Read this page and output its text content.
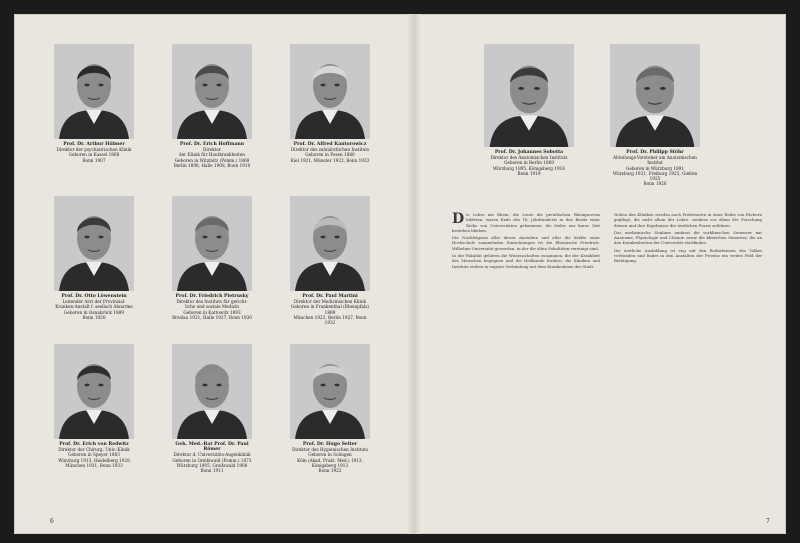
6	7
Prof. Dr. Arthur Hübner
Direktor der psychiatrischen Klinik
Geboren in Kassel 1868
Bonn 1907
Prof. Dr. Erich Hoffmann
Direktor
der Klinik für Hautkrankheiten
Geboren in Witzmitz (Pomm.) 1868
Berlin 1898, Halle 1908, Bonn 1910
Prof. Dr. Alfred Kantorowicz
Direktor des zahnärztlichen Instituts
Geboren in Posen 1880
Kiel 1921, Münster 1922, Bonn 1923
Prof. Dr. Otto Löwenstein
Leitender Arzt der Provinzial-
Kranken-Anstalt f. seelisch Abnorme
Geboren in Osnabrück 1889
Bonn 1920
Prof. Dr. Friedrich Pietrusky
Direktor des Instituts für gericht-
liche und soziale Medizin
Geboren in Kattowitz 1893
Breslau 1921, Halle 1927, Bonn 1930
Prof. Dr. Paul Martini
Direktor der Medizinischen Klinik
Geboren in Frankenthal (Rheinpfalz) 1889
München 1923, Berlin 1927, Bonn 1932
Prof. Dr. Erich von Redwitz
Direktor der Chirurg. Univ.-Klinik
Geboren in Speyer 1883
Würzburg 1913, Heidelberg 1928
München 1931, Bonn 1933
Geh. Med.-Rat Prof. Dr. Paul Römer
Direktor d. Universitäts-Augenklinik
Geboren in Greifswald (Pomm.) 1873
Würzburg 1905, Greifswald 1908
Bonn 1911
Prof. Dr. Hugo Selter
Direktor des Hygienischen Instituts
Geboren in Solingen
Köln (Akad. Prakt. Med.) 1913, Königsberg 1913
Bonn 1922
Prof. Dr. Johannes Sobotta
Direktor des Anatomischen Instituts
Geboren in Berlin 1869
Würzburg 1895, Königsberg 1916
Bonn 1919
Prof. Dr. Philipp Stöhr
Abteilungs-Vorsteher am Anatomischen
Institut
Geboren in Würzburg 1891
Würzburg 1921, Freiburg 1925, Gießen 1925
Bonn 1926

Die Lehre am Rhein, die Leute die preußischen Rheinprovinz bildeten, waren Ende des 18. Jahrhunderts in den Besitz einer Reihe von Universitäten gekommen, die leider nur kurze Zeit bestehen blieben.

Die Nachfolgerin aller dieser Anstalten und aller die Kräfte einer Hochschule sammelnden Einrichtungen ist die Rheinische Friedrich-Wilhelms-Universität geworden, in der die alten Fakultäten vereinigt sind.

In der Fakultät gehören die Wissenschaften zusammen, die der Krankheit des Menschen begegnen und die Heilkunde fördern; die Kliniken und Institute stehen in engster Verbindung mit dem Krankenhaus der Stadt.

Neben den Kliniken werden auch Professuren in einer Reihe von Fächern gepflegt, die nicht allein der Lehre, sondern vor allem der Forschung dienen und ihre Ergebnisse der ärztlichen Praxis zuführen.

Das medizinische Studium umfasst die vorklinischen Semester mit Anatomie, Physiologie und Chemie sowie die klinischen Semester, die an den Krankenbetten der Universität stattfinden.

Die ärztliche Ausbildung ist eng mit den Bedürfnissen des Volkes verbunden und findet in den Anstalten der Provinz ein weites Feld der Betätigung.
